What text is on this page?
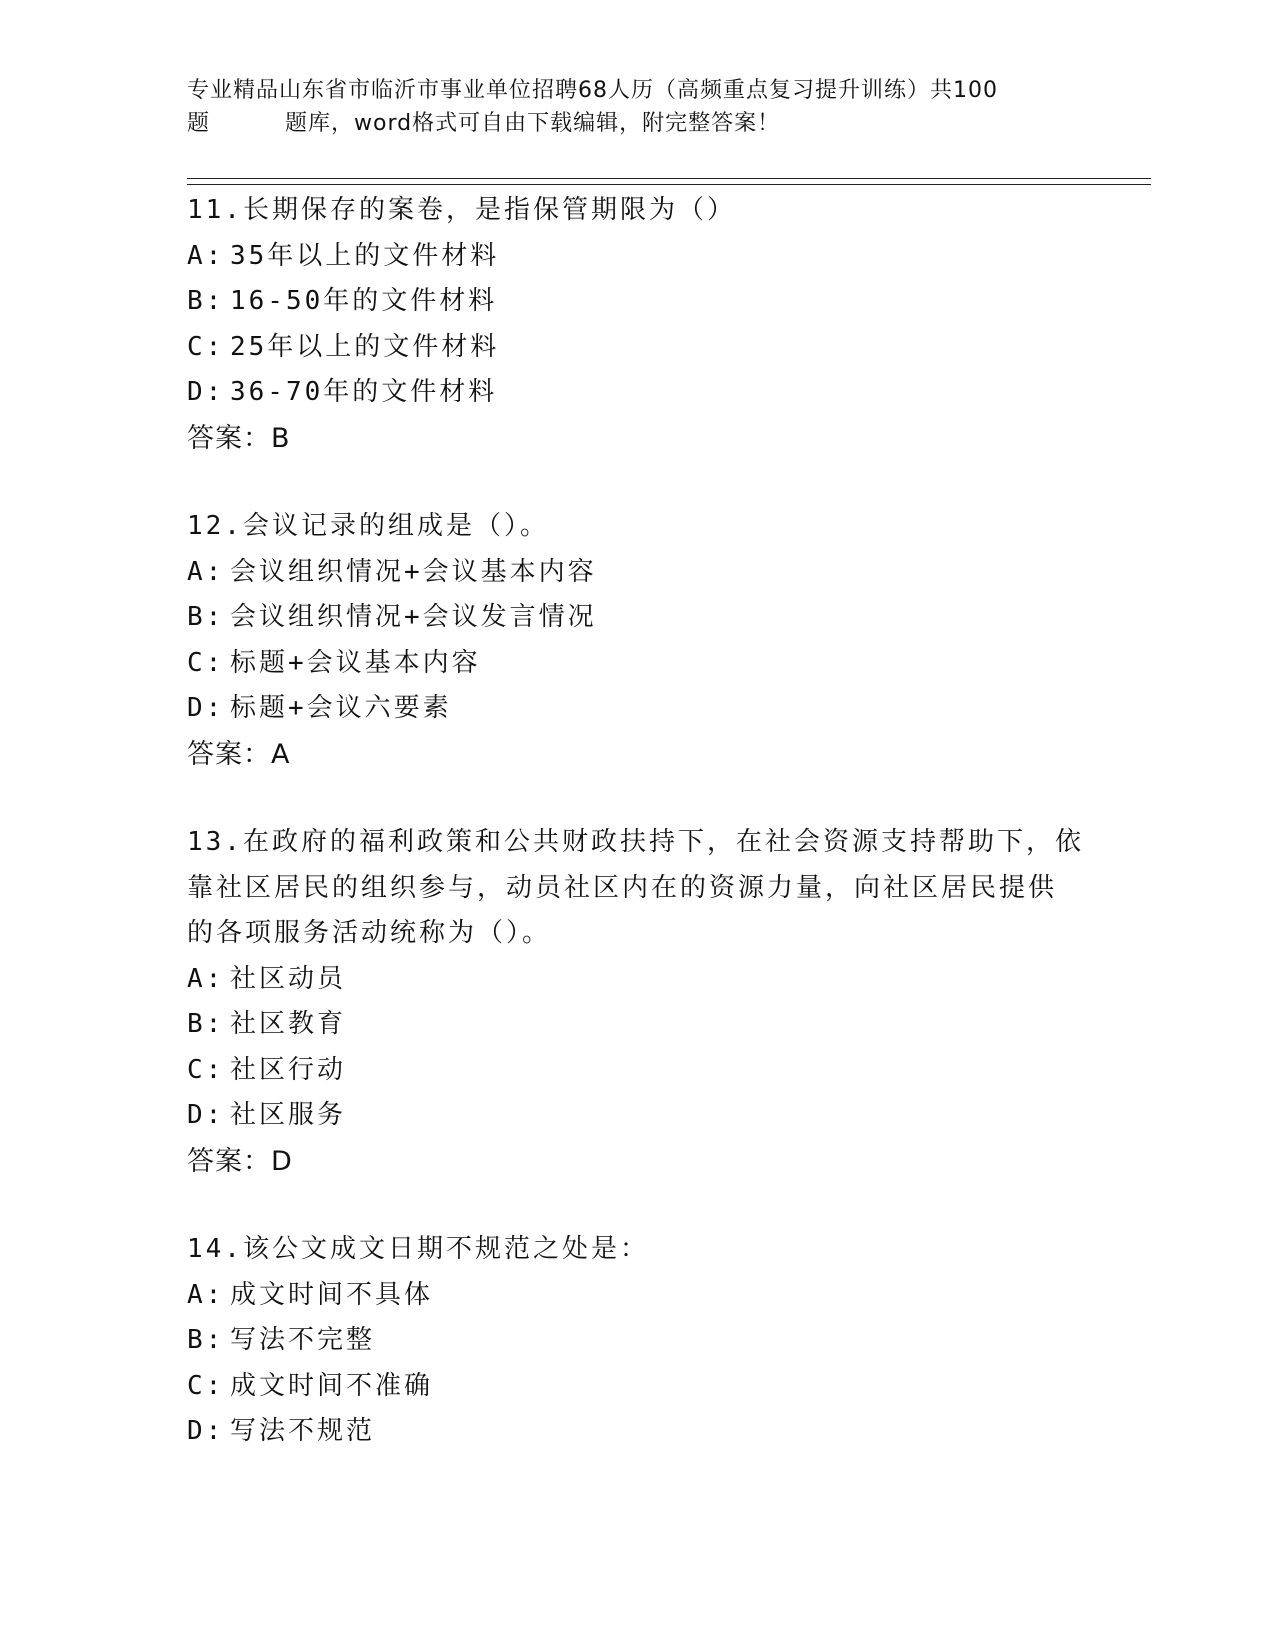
专业精品山东省市临沂市事业单位招聘68人历（高频重点复习提升训练）共100
题	题库，word格式可自由下载编辑，附完整答案！
11.长期保存的案卷，是指保管期限为（）
A: 35年以上的文件材料
B: 16-50年的文件材料
C: 25年以上的文件材料
D: 36-70年的文件材料
答案：B
12.会议记录的组成是（）。
A: 会议组织情况+会议基本内容
B: 会议组织情况+会议发言情况
C: 标题+会议基本内容
D: 标题+会议六要素
答案：A
13.在政府的福利政策和公共财政扶持下，在社会资源支持帮助下，依
靠社区居民的组织参与，动员社区内在的资源力量，向社区居民提供
的各项服务活动统称为（）。
A: 社区动员
B: 社区教育
C: 社区行动
D: 社区服务
答案：D
14.该公文成文日期不规范之处是：
A: 成文时间不具体
B: 写法不完整
C: 成文时间不准确
D: 写法不规范
